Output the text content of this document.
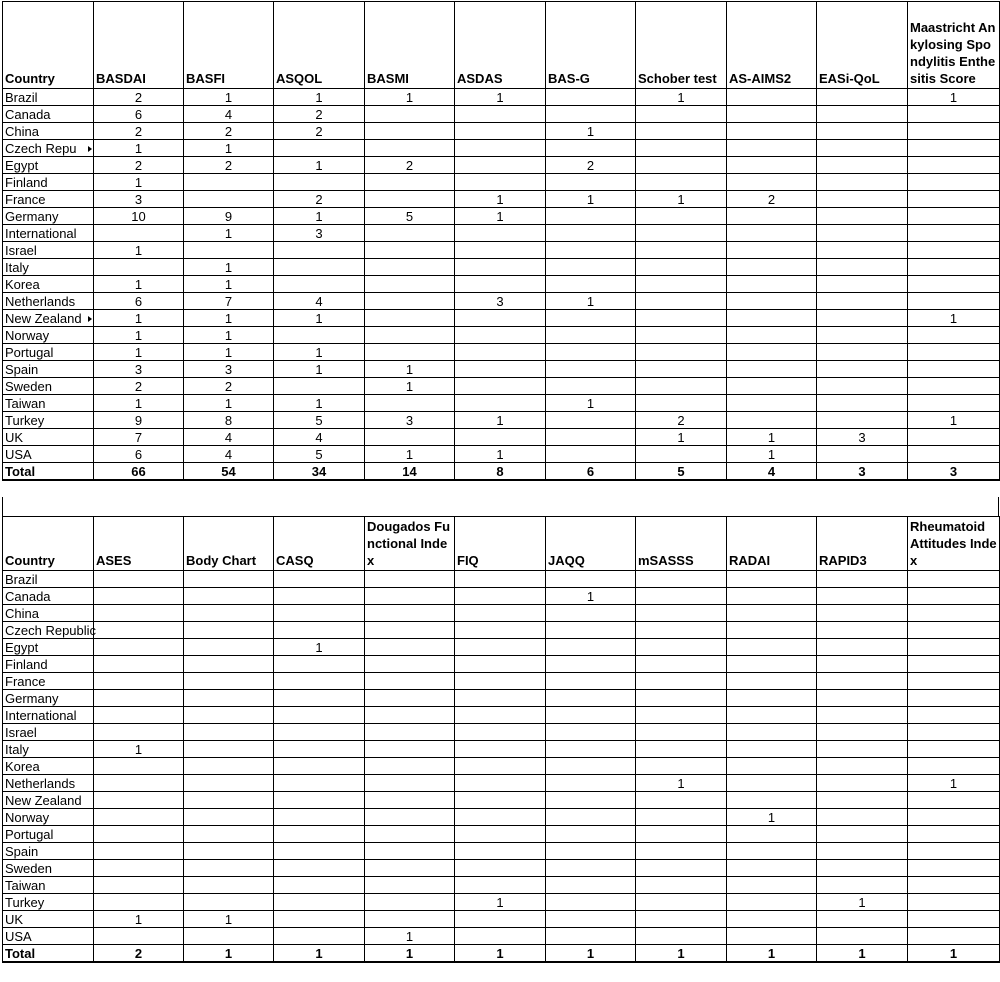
Country	BASDAI	BASFI	ASQOL	BASMI	ASDAS	BAS-G	Schober test	AS-AIMS2	EASi-QoL	Maastricht Ankylosing Spondylitis Enthesitis Score
Brazil	2	1	1	1	1		1			1
Canada	6	4	2							
China	2	2	2			1				
Czech Repu	1	1								
Egypt	2	2	1	2		2				
Finland	1									
France	3		2		1	1	1	2		
Germany	10	9	1	5	1					
International		1	3							
Israel	1									
Italy		1								
Korea	1	1								
Netherlands	6	7	4		3	1				
New Zealand	1	1	1							1
Norway	1	1								
Portugal	1	1	1							
Spain	3	3	1	1						
Sweden	2	2		1						
Taiwan	1	1	1			1				
Turkey	9	8	5	3	1		2			1
UK	7	4	4				1	1	3	
USA	6	4	5	1	1			1		
Total	66	54	34	14	8	6	5	4	3	3
Country	ASES	Body Chart	CASQ	Dougados Functional Index	FIQ	JAQQ	mSASSS	RADAI	RAPID3	Rheumatoid Attitudes Index
Brazil										
Canada						1				
China										
Czech Republic										
Egypt			1							
Finland										
France										
Germany										
International										
Israel										
Italy	1									
Korea										
Netherlands							1			1
New Zealand										
Norway								1		
Portugal										
Spain										
Sweden										
Taiwan										
Turkey					1				1	
UK	1	1								
USA				1						
Total	2	1	1	1	1	1	1	1	1	1
